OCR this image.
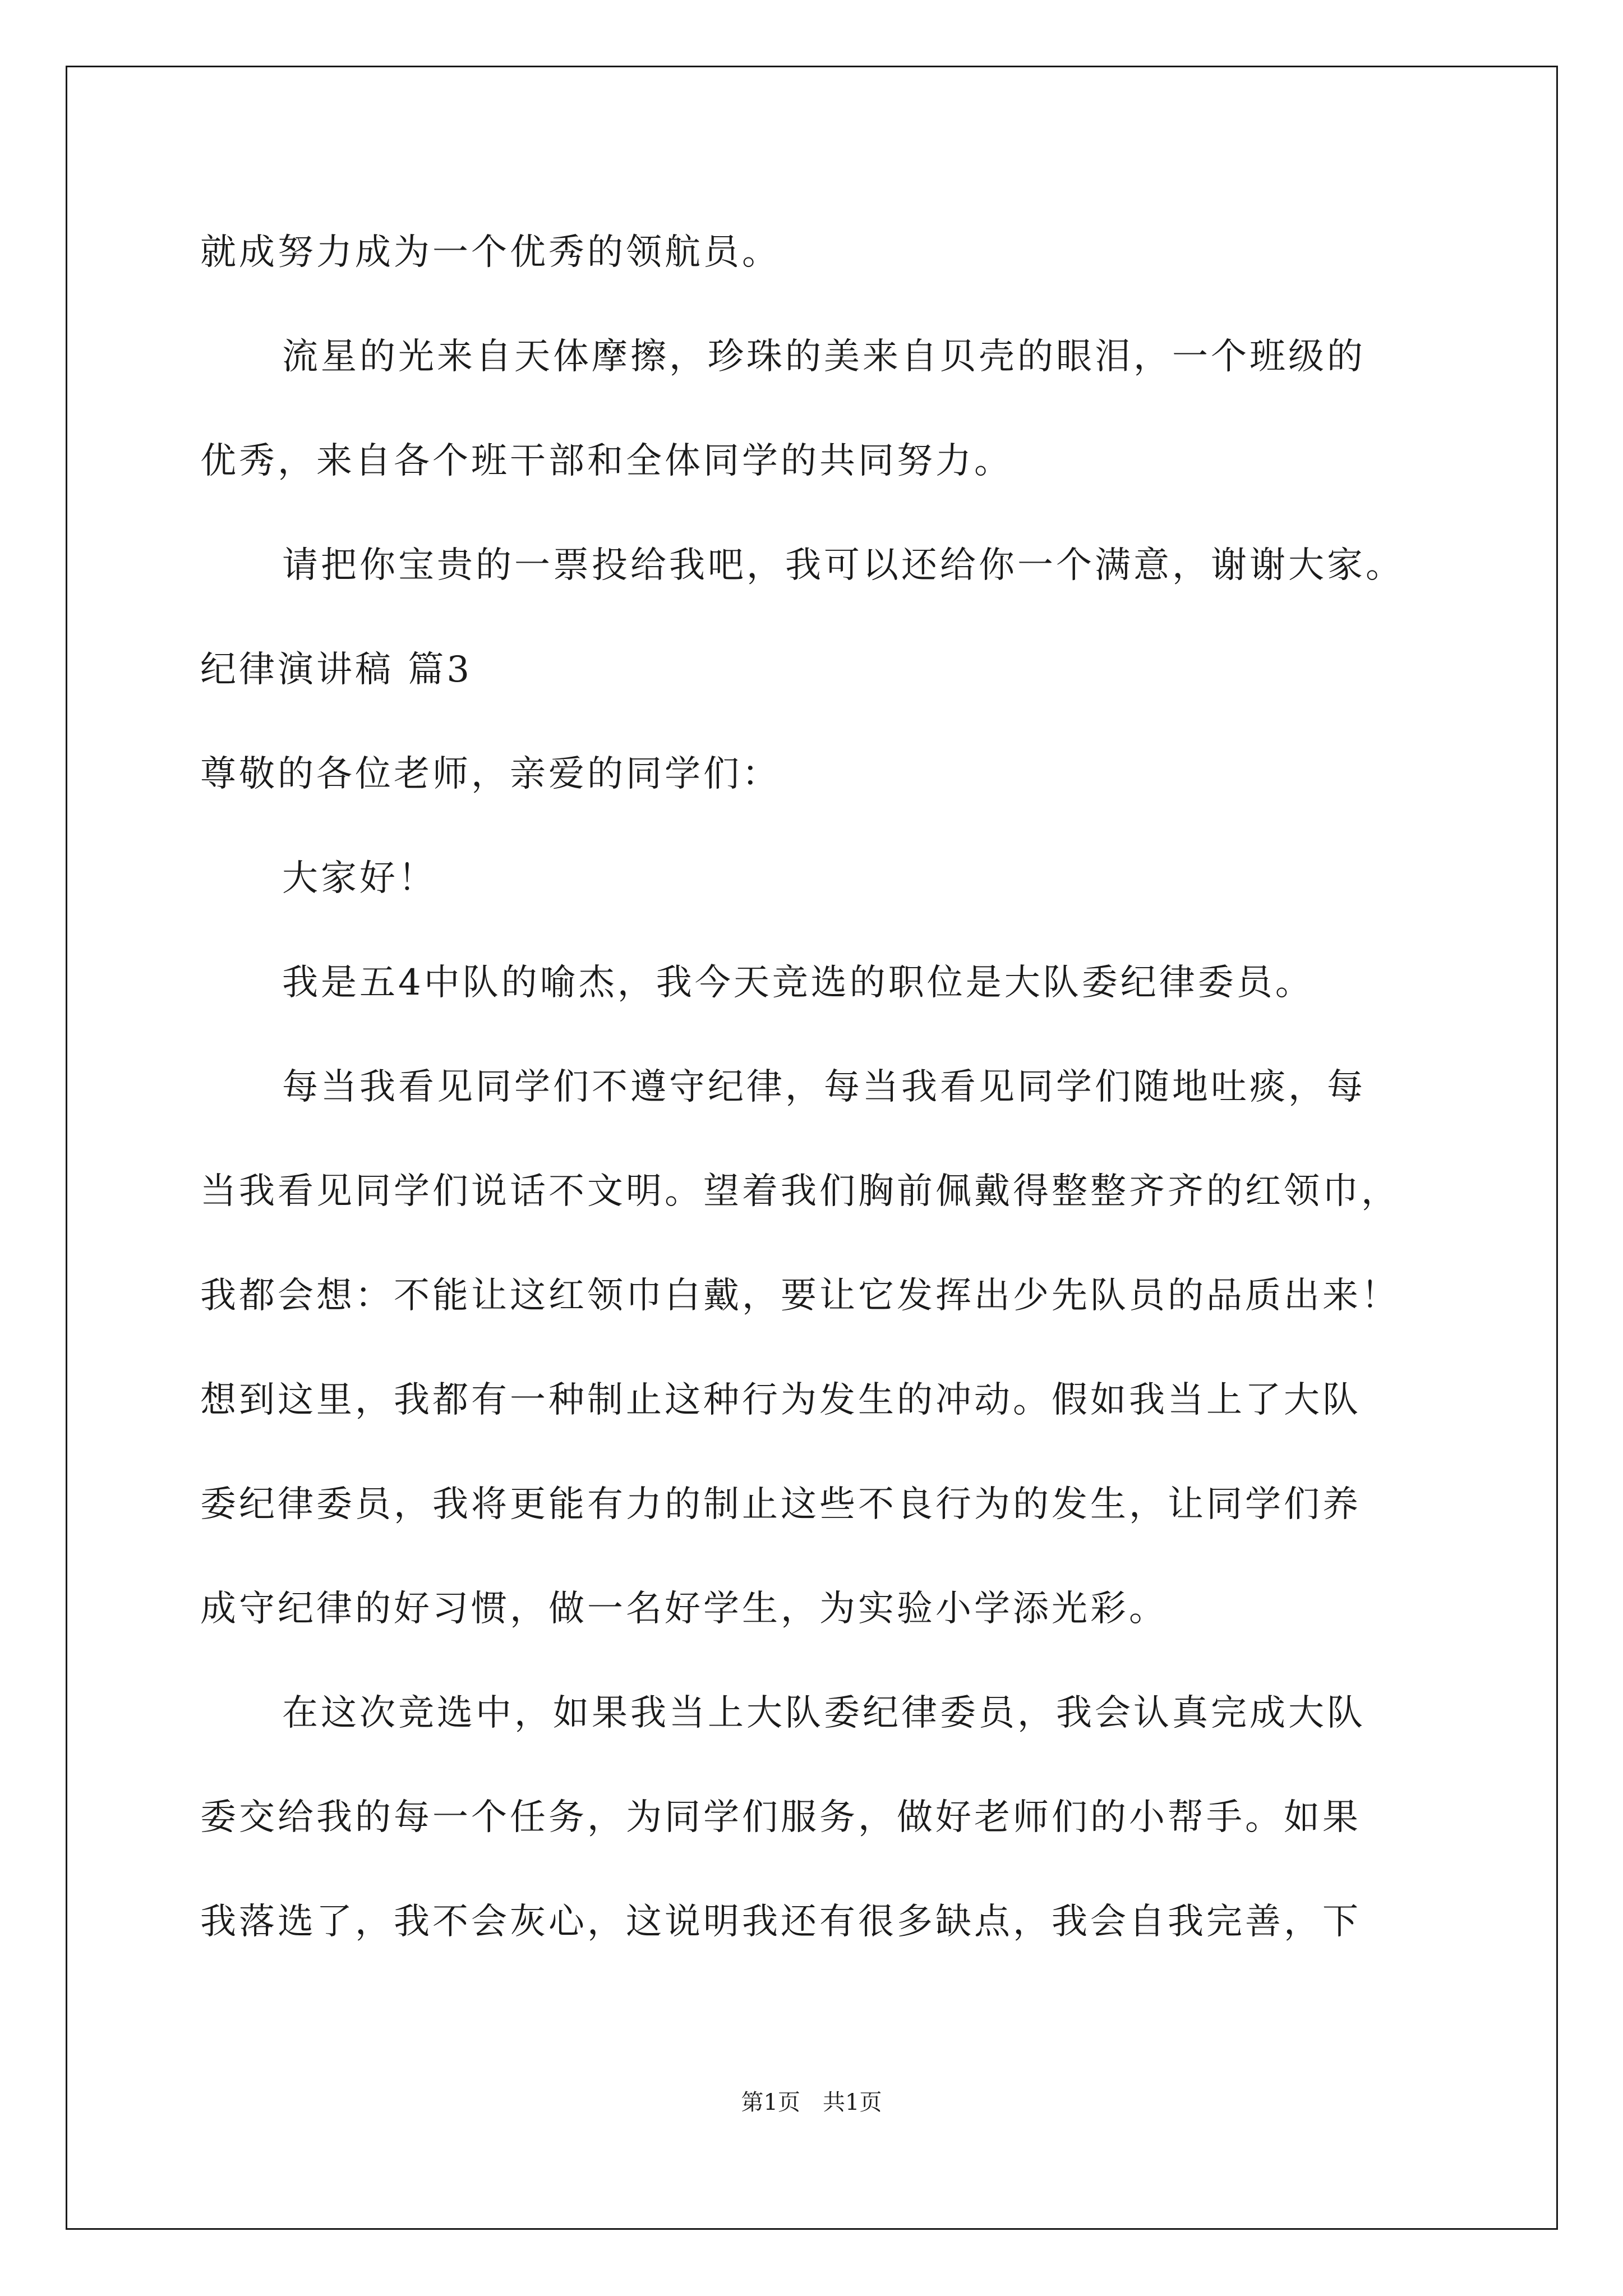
就成努力成为一个优秀的领航员。

流星的光来自天体摩擦，珍珠的美来自贝壳的眼泪，一个班级的

优秀，来自各个班干部和全体同学的共同努力。

请把你宝贵的一票投给我吧，我可以还给你一个满意，谢谢大家。

纪律演讲稿 篇3

尊敬的各位老师，亲爱的同学们：

大家好！

我是五4中队的喻杰，我今天竞选的职位是大队委纪律委员。

每当我看见同学们不遵守纪律，每当我看见同学们随地吐痰，每

当我看见同学们说话不文明。望着我们胸前佩戴得整整齐齐的红领巾，

我都会想：不能让这红领巾白戴，要让它发挥出少先队员的品质出来！

想到这里，我都有一种制止这种行为发生的冲动。假如我当上了大队

委纪律委员，我将更能有力的制止这些不良行为的发生，让同学们养

成守纪律的好习惯，做一名好学生，为实验小学添光彩。

在这次竞选中，如果我当上大队委纪律委员，我会认真完成大队

委交给我的每一个任务，为同学们服务，做好老师们的小帮手。如果

我落选了，我不会灰心，这说明我还有很多缺点，我会自我完善，下

第1页　共1页
